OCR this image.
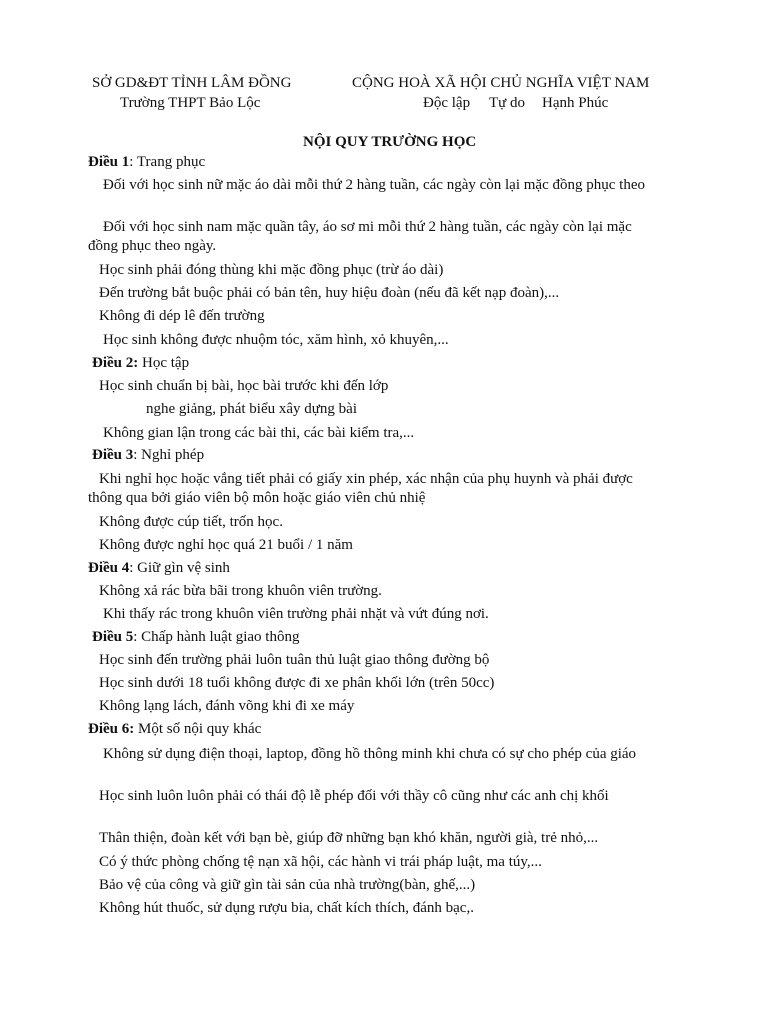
SỞ GD&ĐT TỈNH LÂM ĐỒNG
Trường THPT Bảo Lộc
CỘNG HOÀ XÃ HỘI CHỦ NGHĨA VIỆT NAM
Độc lập Tự do Hạnh Phúc
NỘI QUY TRƯỜNG HỌC
Điều 1: Trang phục
Đối với học sinh nữ mặc áo dài mỗi thứ 2 hàng tuần, các ngày còn lại mặc đồng phục theo
Đối với học sinh nam mặc quần tây, áo sơ mi mỗi thứ 2 hàng tuần, các ngày còn lại mặc
đồng phục theo ngày.
Học sinh phải đóng thùng khi mặc đồng phục (trừ áo dài)
Đến trường bắt buộc phải có bản tên, huy hiệu đoàn (nếu đã kết nạp đoàn),...
Không đi dép lê đến trường
Học sinh không được nhuộm tóc, xăm hình, xỏ khuyên,...
Điều 2: Học tập
Học sinh chuẩn bị bài, học bài trước khi đến lớp
nghe giảng, phát biểu xây dựng bài
Không gian lận trong các bài thi, các bài kiểm tra,...
Điều 3: Nghỉ phép
Khi nghỉ học hoặc vắng tiết phải có giấy xin phép, xác nhận của phụ huynh và phải được
thông qua bởi giáo viên bộ môn hoặc giáo viên chủ nhiệ
Không được cúp tiết, trốn học.
Không được nghỉ học quá 21 buổi / 1 năm
Điều 4: Giữ gìn vệ sinh
Không xả rác bừa bãi trong khuôn viên trường.
Khi thấy rác trong khuôn viên trường phải nhặt và vứt đúng nơi.
Điều 5: Chấp hành luật giao thông
Học sinh đến trường phải luôn tuân thủ luật giao thông đường bộ
Học sinh dưới 18 tuổi không được đi xe phân khối lớn (trên 50cc)
Không lạng lách, đánh võng khi đi xe máy
Điều 6: Một số nội quy khác
Không sử dụng điện thoại, laptop, đồng hồ thông minh khi chưa có sự cho phép của giáo
Học sinh luôn luôn phải có thái độ lễ phép đối với thầy cô cũng như các anh chị khối
Thân thiện, đoàn kết với bạn bè, giúp đỡ những bạn khó khăn, người già, trẻ nhỏ,...
Có ý thức phòng chống tệ nạn xã hội, các hành vi trái pháp luật, ma túy,...
Bảo vệ của công và giữ gìn tài sản của nhà trường(bàn, ghế,...)
Không hút thuốc, sử dụng rượu bia, chất kích thích, đánh bạc,.
